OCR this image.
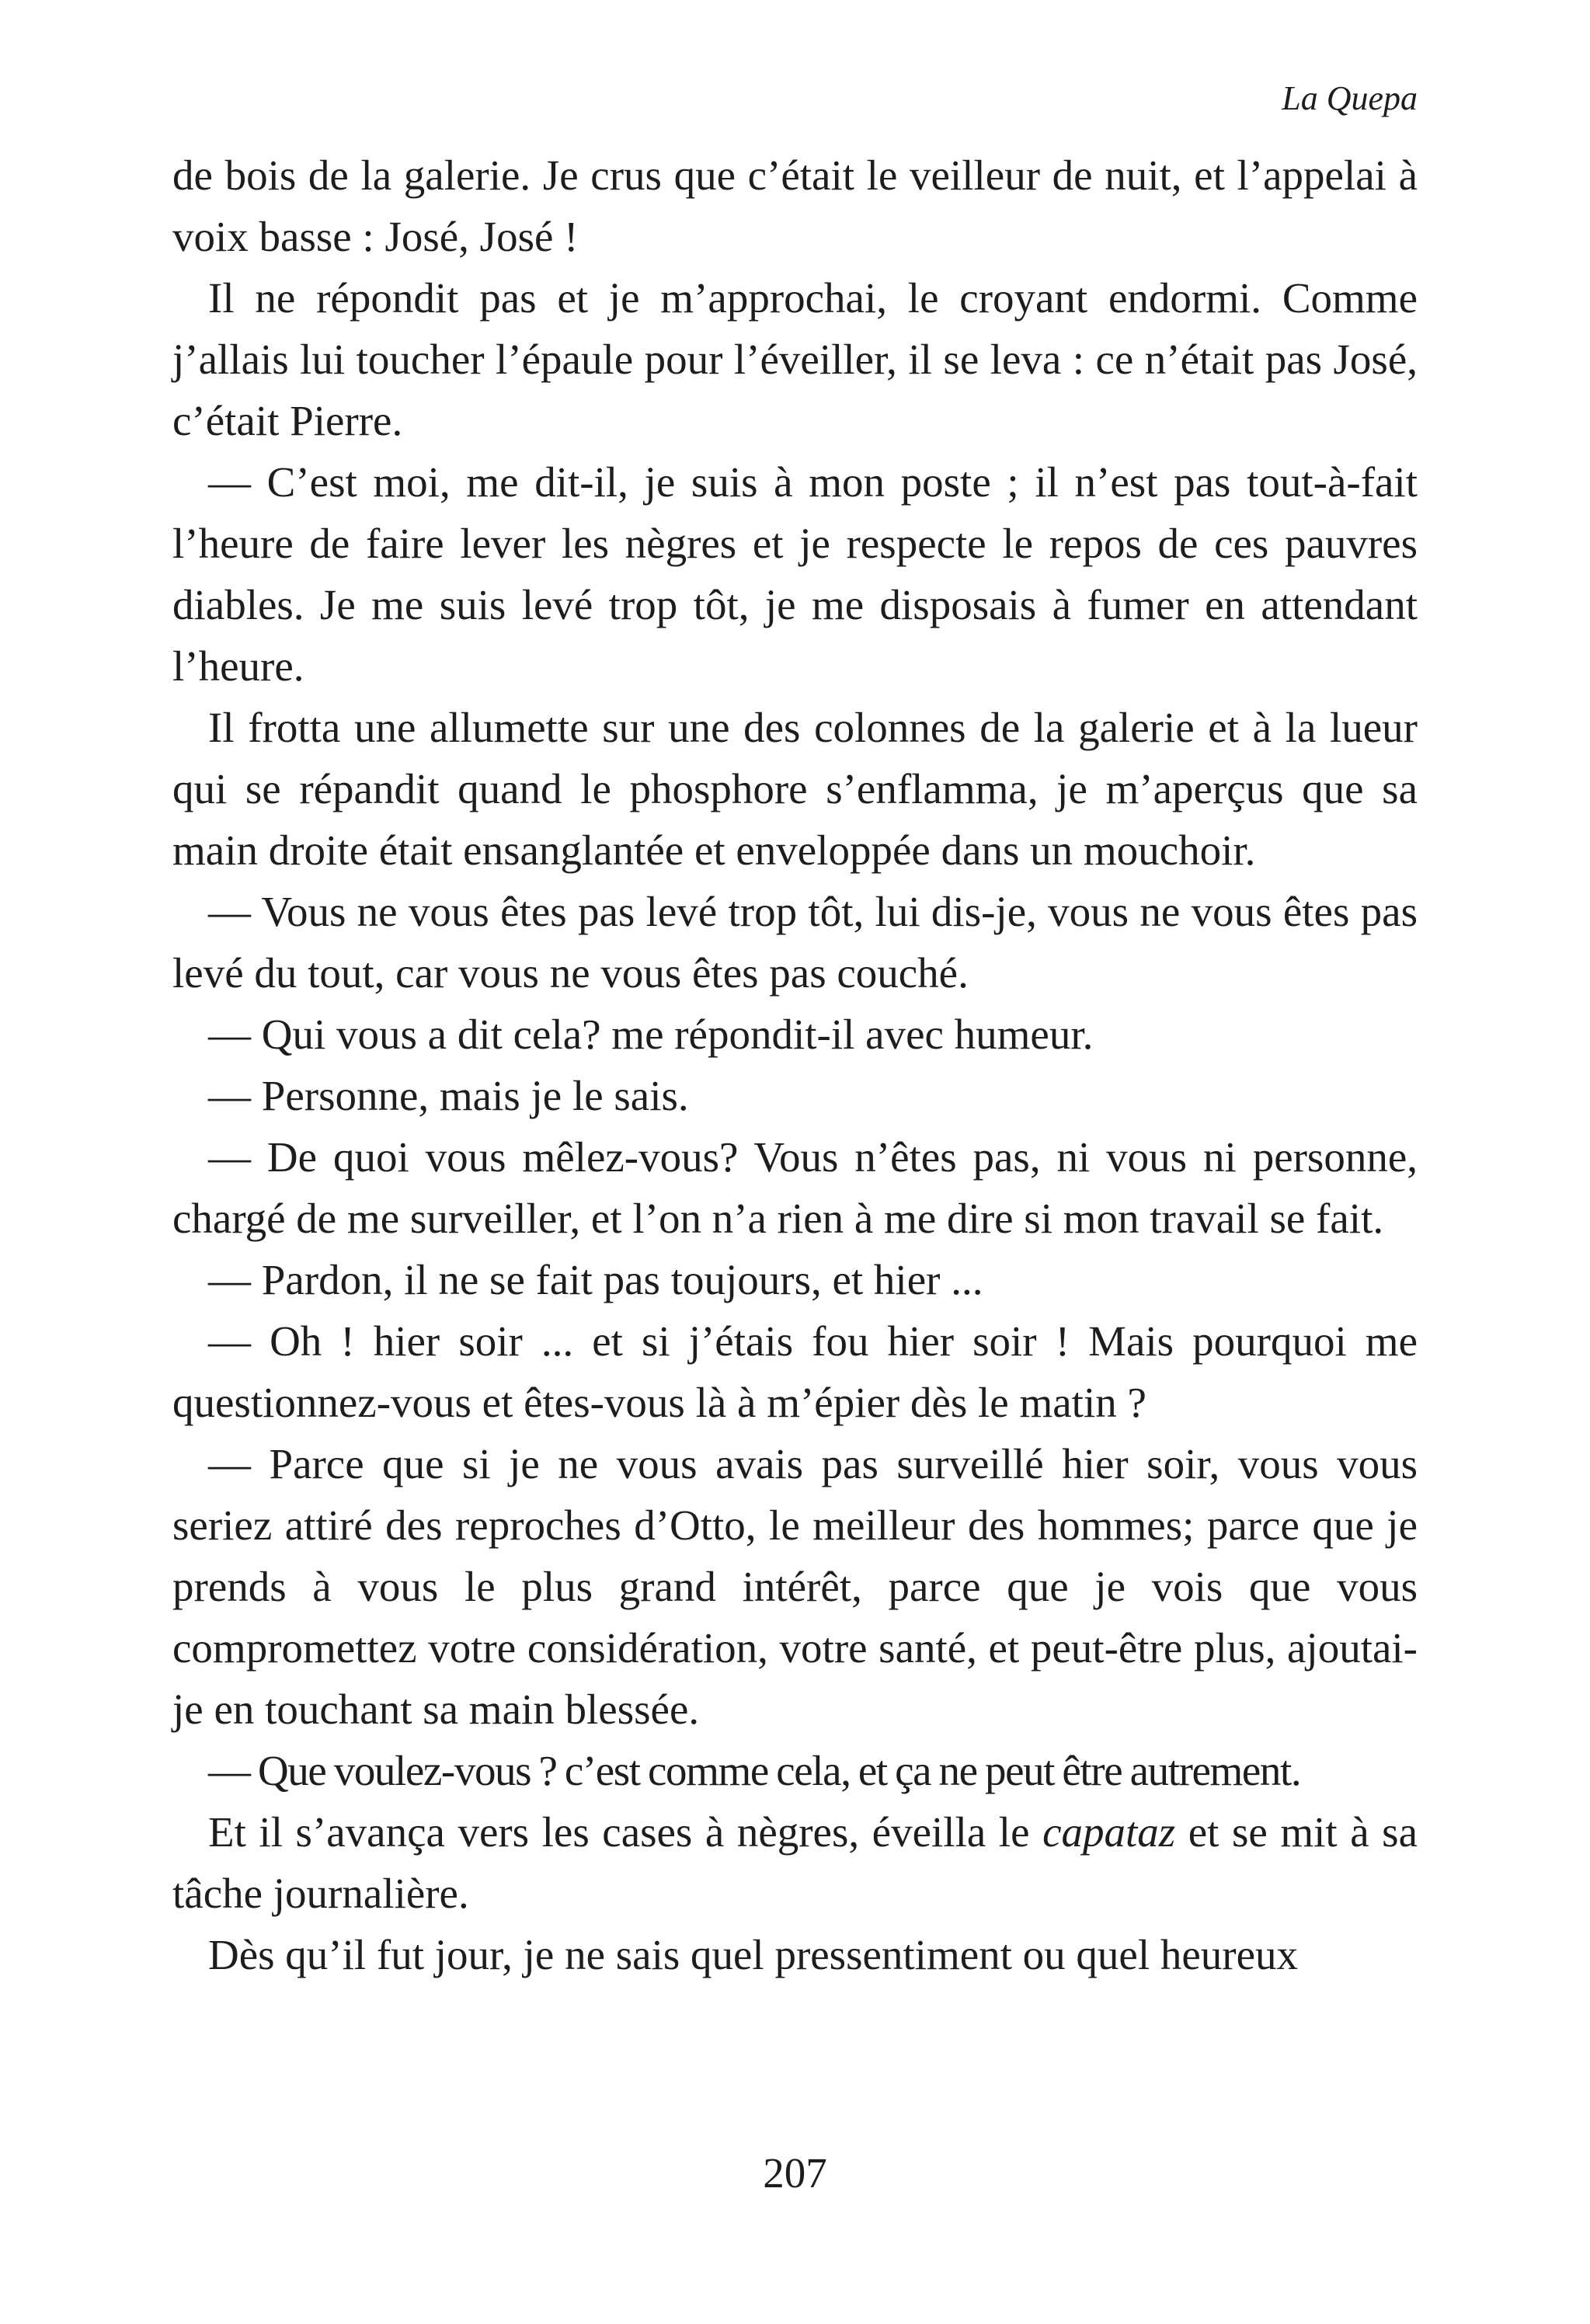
La Quepa

de bois de la galerie. Je crus que c’était le veilleur de nuit, et l’appelai à voix basse : José, José !

Il ne répondit pas et je m’approchai, le croyant endormi. Comme j’allais lui toucher l’épaule pour l’éveiller, il se leva : ce n’était pas José, c’était Pierre.

— C’est moi, me dit-il, je suis à mon poste ; il n’est pas tout-à-fait l’heure de faire lever les nègres et je respecte le repos de ces pauvres diables. Je me suis levé trop tôt, je me disposais à fumer en attendant l’heure.

Il frotta une allumette sur une des colonnes de la galerie et à la lueur qui se répandit quand le phosphore s’enflamma, je m’aperçus que sa main droite était ensanglantée et enveloppée dans un mouchoir.

— Vous ne vous êtes pas levé trop tôt, lui dis-je, vous ne vous êtes pas levé du tout, car vous ne vous êtes pas couché.

— Qui vous a dit cela? me répondit-il avec humeur.

— Personne, mais je le sais.

— De quoi vous mêlez-vous? Vous n’êtes pas, ni vous ni personne, chargé de me surveiller, et l’on n’a rien à me dire si mon travail se fait.

— Pardon, il ne se fait pas toujours, et hier ...

— Oh ! hier soir ... et si j’étais fou hier soir ! Mais pourquoi me questionnez-vous et êtes-vous là à m’épier dès le matin ?

— Parce que si je ne vous avais pas surveillé hier soir, vous vous seriez attiré des reproches d’Otto, le meilleur des hommes; parce que je prends à vous le plus grand intérêt, parce que je vois que vous compromettez votre considération, votre santé, et peut-être plus, ajoutai-je en touchant sa main blessée.

— Que voulez-vous ? c’est comme cela, et ça ne peut être autrement.

Et il s’avança vers les cases à nègres, éveilla le capataz et se mit à sa tâche journalière.

Dès qu’il fut jour, je ne sais quel pressentiment ou quel heureux

207
